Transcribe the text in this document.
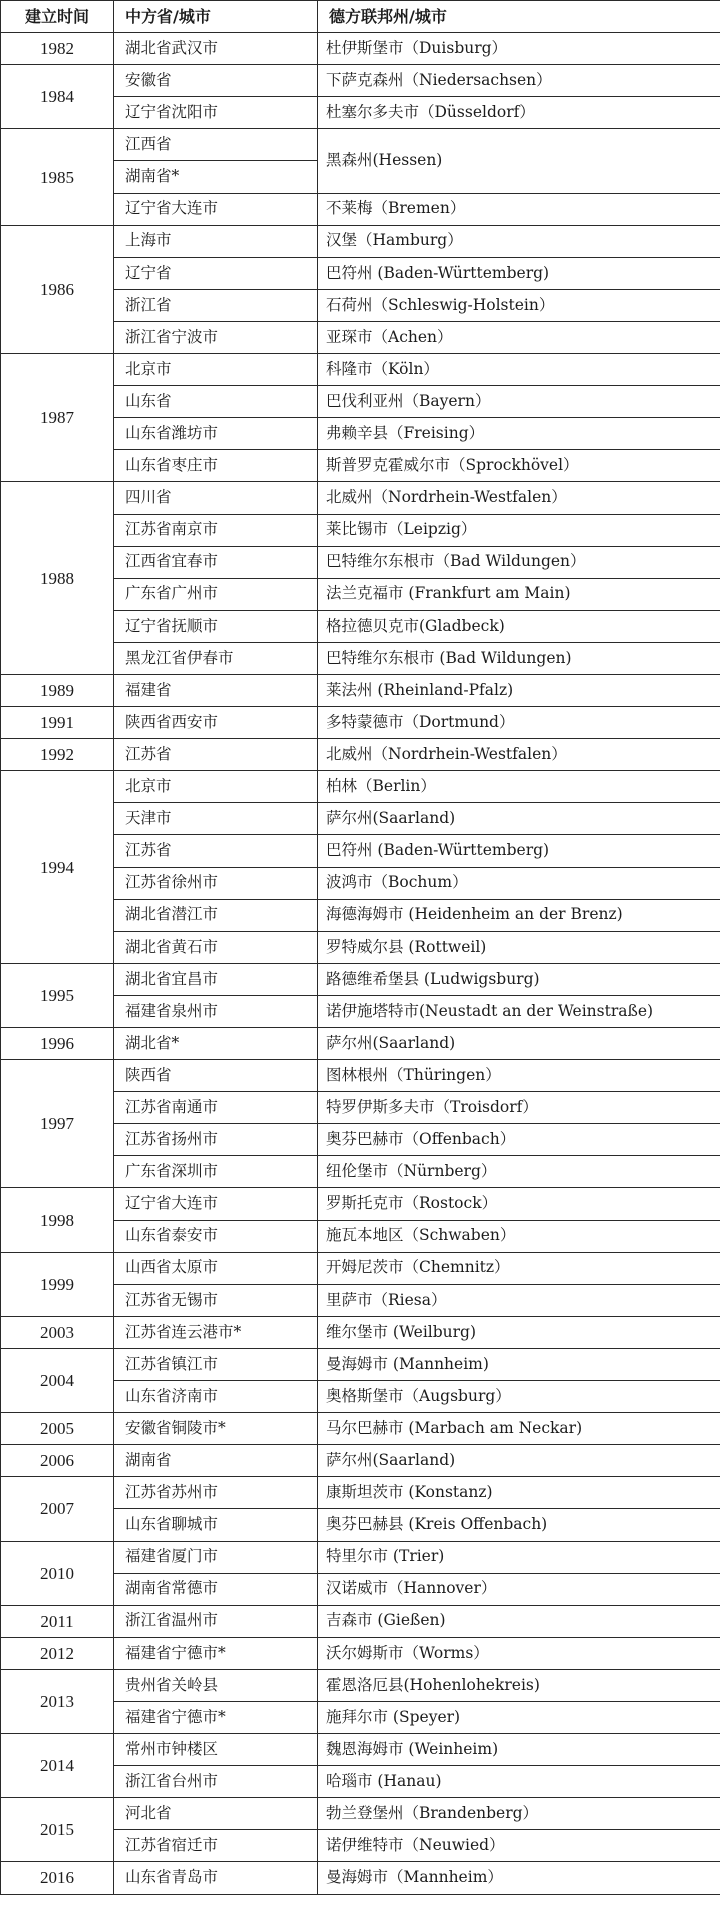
建立时间	中方省/城市	德方联邦州/城市
1982	湖北省武汉市	杜伊斯堡市（Duisburg）
1984	安徽省	下萨克森州（Niedersachsen）
	辽宁省沈阳市	杜塞尔多夫市（Düsseldorf）
1985	江西省	黑森州(Hessen)
	湖南省*	
	辽宁省大连市	不莱梅（Bremen）
1986	上海市	汉堡（Hamburg）
	辽宁省	巴符州 (Baden-Württemberg)
	浙江省	石荷州（Schleswig-Holstein）
	浙江省宁波市	亚琛市（Achen）
1987	北京市	科隆市（Köln）
	山东省	巴伐利亚州（Bayern）
	山东省潍坊市	弗赖辛县（Freising）
	山东省枣庄市	斯普罗克霍威尔市（Sprockhövel）
1988	四川省	北威州（Nordrhein-Westfalen）
	江苏省南京市	莱比锡市（Leipzig）
	江西省宜春市	巴特维尔东根市（Bad Wildungen）
	广东省广州市	法兰克福市 (Frankfurt am Main)
	辽宁省抚顺市	格拉德贝克市(Gladbeck)
	黑龙江省伊春市	巴特维尔东根市 (Bad Wildungen)
1989	福建省	莱法州 (Rheinland-Pfalz)
1991	陕西省西安市	多特蒙德市（Dortmund）
1992	江苏省	北威州（Nordrhein-Westfalen）
1994	北京市	柏林（Berlin）
	天津市	萨尔州(Saarland)
	江苏省	巴符州 (Baden-Württemberg)
	江苏省徐州市	波鸿市（Bochum）
	湖北省潜江市	海德海姆市 (Heidenheim an der Brenz)
	湖北省黄石市	罗特威尔县 (Rottweil)
1995	湖北省宜昌市	路德维希堡县 (Ludwigsburg)
	福建省泉州市	诺伊施塔特市(Neustadt an der Weinstraße)
1996	湖北省*	萨尔州(Saarland)
1997	陕西省	图林根州（Thüringen）
	江苏省南通市	特罗伊斯多夫市（Troisdorf）
	江苏省扬州市	奥芬巴赫市（Offenbach）
	广东省深圳市	纽伦堡市（Nürnberg）
1998	辽宁省大连市	罗斯托克市（Rostock）
	山东省泰安市	施瓦本地区（Schwaben）
1999	山西省太原市	开姆尼茨市（Chemnitz）
	江苏省无锡市	里萨市（Riesa）
2003	江苏省连云港市*	维尔堡市 (Weilburg)
2004	江苏省镇江市	曼海姆市 (Mannheim)
	山东省济南市	奥格斯堡市（Augsburg）
2005	安徽省铜陵市*	马尔巴赫市 (Marbach am Neckar)
2006	湖南省	萨尔州(Saarland)
2007	江苏省苏州市	康斯坦茨市 (Konstanz)
	山东省聊城市	奥芬巴赫县 (Kreis Offenbach)
2010	福建省厦门市	特里尔市 (Trier)
	湖南省常德市	汉诺威市（Hannover）
2011	浙江省温州市	吉森市 (Gießen)
2012	福建省宁德市*	沃尔姆斯市（Worms）
2013	贵州省关岭县	霍恩洛厄县(Hohenlohekreis)
	福建省宁德市*	施拜尔市 (Speyer)
2014	常州市钟楼区	魏恩海姆市 (Weinheim)
	浙江省台州市	哈瑙市 (Hanau)
2015	河北省	勃兰登堡州（Brandenberg）
	江苏省宿迁市	诺伊维特市（Neuwied）
2016	山东省青岛市	曼海姆市（Mannheim）
